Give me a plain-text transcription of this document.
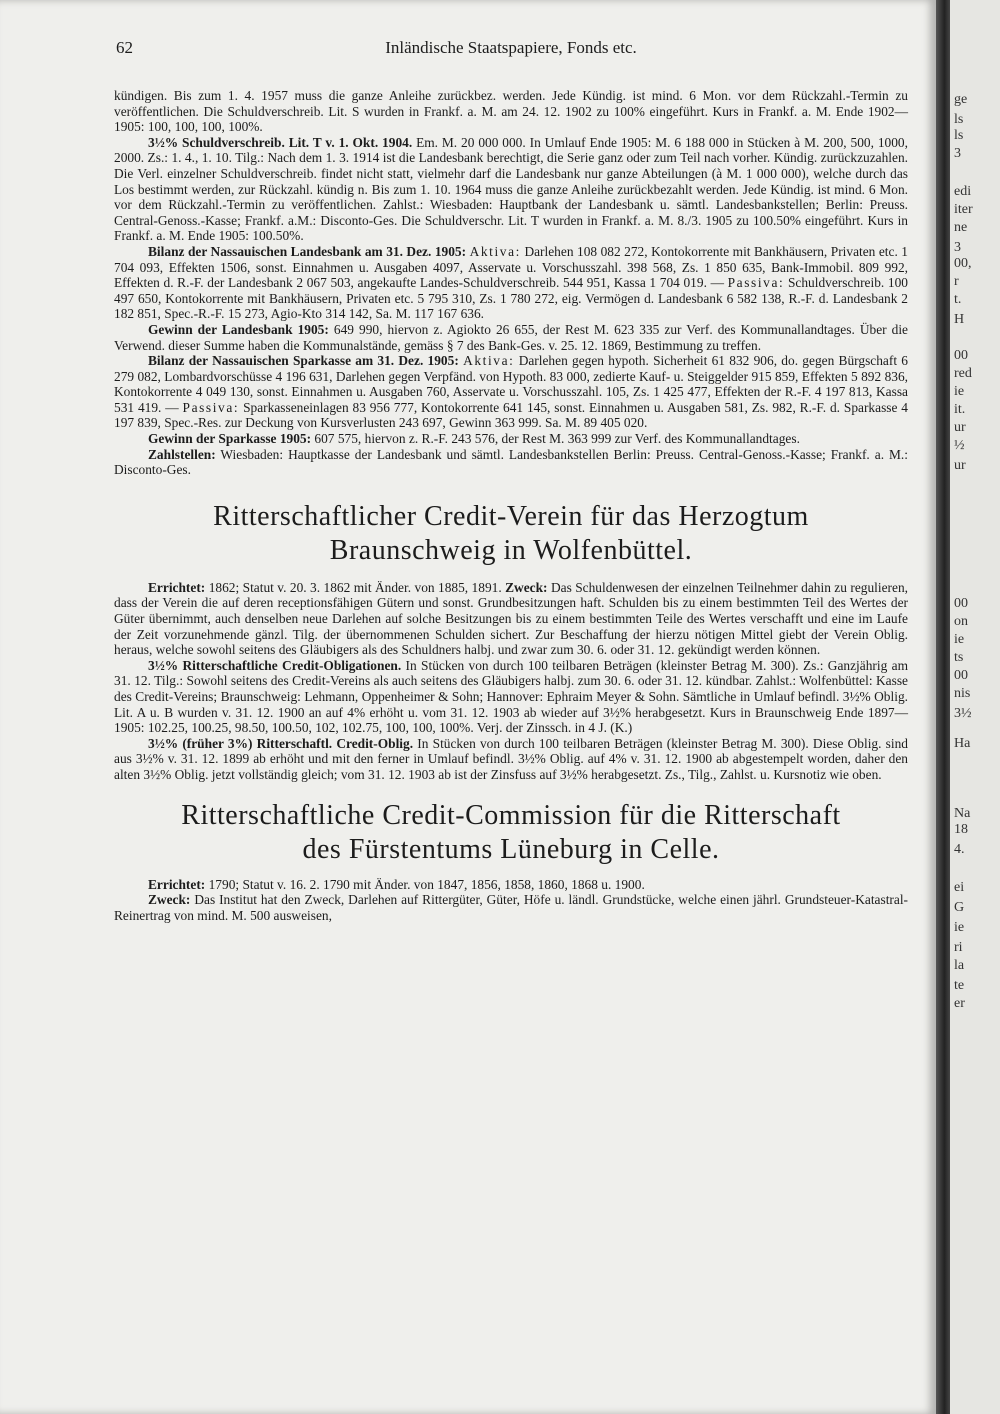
62	Inländische Staatspapiere, Fonds etc.

kündigen. Bis zum 1. 4. 1957 muss die ganze Anleihe zurückbez. werden. Jede Kündig. ist mind. 6 Mon. vor dem Rückzahl.-Termin zu veröffentlichen. Die Schuldverschreib. Lit. S wurden in Frankf. a. M. am 24. 12. 1902 zu 100% eingeführt. Kurs in Frankf. a. M. Ende 1902—1905: 100, 100, 100, 100%.

3½% Schuldverschreib. Lit. T v. 1. Okt. 1904. Em. M. 20 000 000. In Umlauf Ende 1905: M. 6 188 000 in Stücken à M. 200, 500, 1000, 2000. Zs.: 1. 4., 1. 10. Tilg.: Nach dem 1. 3. 1914 ist die Landesbank berechtigt, die Serie ganz oder zum Teil nach vorher. Kündig. zurückzuzahlen. Die Verl. einzelner Schuldverschreib. findet nicht statt, vielmehr darf die Landesbank nur ganze Abteilungen (à M. 1 000 000), welche durch das Los bestimmt werden, zur Rückzahl. kündig n. Bis zum 1. 10. 1964 muss die ganze Anleihe zurückbezahlt werden. Jede Kündig. ist mind. 6 Mon. vor dem Rückzahl.-Termin zu veröffentlichen. Zahlst.: Wiesbaden: Hauptbank der Landesbank u. sämtl. Landesbankstellen; Berlin: Preuss. Central-Genoss.-Kasse; Frankf. a.M.: Disconto-Ges. Die Schuldverschr. Lit. T wurden in Frankf. a. M. 8./3. 1905 zu 100.50% eingeführt. Kurs in Frankf. a. M. Ende 1905: 100.50%.

Bilanz der Nassauischen Landesbank am 31. Dez. 1905: Aktiva: Darlehen 108 082 272, Kontokorrente mit Bankhäusern, Privaten etc. 1 704 093, Effekten 1506, sonst. Einnahmen u. Ausgaben 4097, Asservate u. Vorschusszahl. 398 568, Zs. 1 850 635, Bank-Immobil. 809 992, Effekten d. R.-F. der Landesbank 2 067 503, angekaufte Landes-Schuldverschreib. 544 951, Kassa 1 704 019. — Passiva: Schuldverschreib. 100 497 650, Kontokorrente mit Bankhäusern, Privaten etc. 5 795 310, Zs. 1 780 272, eig. Vermögen d. Landesbank 6 582 138, R.-F. d. Landesbank 2 182 851, Spec.-R.-F. 15 273, Agio-Kto 314 142, Sa. M. 117 167 636.

Gewinn der Landesbank 1905: 649 990, hiervon z. Agiokto 26 655, der Rest M. 623 335 zur Verf. des Kommunallandtages. Über die Verwend. dieser Summe haben die Kommunalstände, gemäss § 7 des Bank-Ges. v. 25. 12. 1869, Bestimmung zu treffen.

Bilanz der Nassauischen Sparkasse am 31. Dez. 1905: Aktiva: Darlehen gegen hypoth. Sicherheit 61 832 906, do. gegen Bürgschaft 6 279 082, Lombardvorschüsse 4 196 631, Darlehen gegen Verpfänd. von Hypoth. 83 000, zedierte Kauf- u. Steiggelder 915 859, Effekten 5 892 836, Kontokorrente 4 049 130, sonst. Einnahmen u. Ausgaben 760, Asservate u. Vorschusszahl. 105, Zs. 1 425 477, Effekten der R.-F. 4 197 813, Kassa 531 419. — Passiva: Sparkasseneinlagen 83 956 777, Kontokorrente 641 145, sonst. Einnahmen u. Ausgaben 581, Zs. 982, R.-F. d. Sparkasse 4 197 839, Spec.-Res. zur Deckung von Kursverlusten 243 697, Gewinn 363 999. Sa. M. 89 405 020.

Gewinn der Sparkasse 1905: 607 575, hiervon z. R.-F. 243 576, der Rest M. 363 999 zur Verf. des Kommunallandtages.

Zahlstellen: Wiesbaden: Hauptkasse der Landesbank und sämtl. Landesbankstellen Berlin: Preuss. Central-Genoss.-Kasse; Frankf. a. M.: Disconto-Ges.

Ritterschaftlicher Credit-Verein für das Herzogtum
Braunschweig in Wolfenbüttel.

Errichtet: 1862; Statut v. 20. 3. 1862 mit Änder. von 1885, 1891. Zweck: Das Schuldenwesen der einzelnen Teilnehmer dahin zu regulieren, dass der Verein die auf deren receptionsfähigen Gütern und sonst. Grundbesitzungen haft. Schulden bis zu einem bestimmten Teil des Wertes der Güter übernimmt, auch denselben neue Darlehen auf solche Besitzungen bis zu einem bestimmten Teile des Wertes verschafft und eine im Laufe der Zeit vorzunehmende gänzl. Tilg. der übernommenen Schulden sichert. Zur Beschaffung der hierzu nötigen Mittel giebt der Verein Oblig. heraus, welche sowohl seitens des Gläubigers als des Schuldners halbj. und zwar zum 30. 6. oder 31. 12. gekündigt werden können.

3½% Ritterschaftliche Credit-Obligationen. In Stücken von durch 100 teilbaren Beträgen (kleinster Betrag M. 300). Zs.: Ganzjährig am 31. 12. Tilg.: Sowohl seitens des Credit-Vereins als auch seitens des Gläubigers halbj. zum 30. 6. oder 31. 12. kündbar. Zahlst.: Wolfenbüttel: Kasse des Credit-Vereins; Braunschweig: Lehmann, Oppenheimer & Sohn; Hannover: Ephraim Meyer & Sohn. Sämtliche in Umlauf befindl. 3½% Oblig. Lit. A u. B wurden v. 31. 12. 1900 an auf 4% erhöht u. vom 31. 12. 1903 ab wieder auf 3½% herabgesetzt. Kurs in Braunschweig Ende 1897—1905: 102.25, 100.25, 98.50, 100.50, 102, 102.75, 100, 100, 100%. Verj. der Zinssch. in 4 J. (K.)

3½% (früher 3%) Ritterschaftl. Credit-Oblig. In Stücken von durch 100 teilbaren Beträgen (kleinster Betrag M. 300). Diese Oblig. sind aus 3½% v. 31. 12. 1899 ab erhöht und mit den ferner in Umlauf befindl. 3½% Oblig. auf 4% v. 31. 12. 1900 ab abgestempelt worden, daher den alten 3½% Oblig. jetzt vollständig gleich; vom 31. 12. 1903 ab ist der Zinsfuss auf 3½% herabgesetzt. Zs., Tilg., Zahlst. u. Kursnotiz wie oben.

Ritterschaftliche Credit-Commission für die Ritterschaft
des Fürstentums Lüneburg in Celle.

Errichtet: 1790; Statut v. 16. 2. 1790 mit Änder. von 1847, 1856, 1858, 1860, 1868 u. 1900.

Zweck: Das Institut hat den Zweck, Darlehen auf Rittergüter, Güter, Höfe u. ländl. Grundstücke, welche einen jährl. Grundsteuer-Katastral-Reinertrag von mind. M. 500 ausweisen,

ge
ls
ls
3
edi
iter
ne
3
00,
r
t.
H
00
red
ie
it.
ur
½
ur
00
on
ie
ts
00
nis
3½
Ha
Na
18
4.
ei
G
ie
ri
la
te
er
